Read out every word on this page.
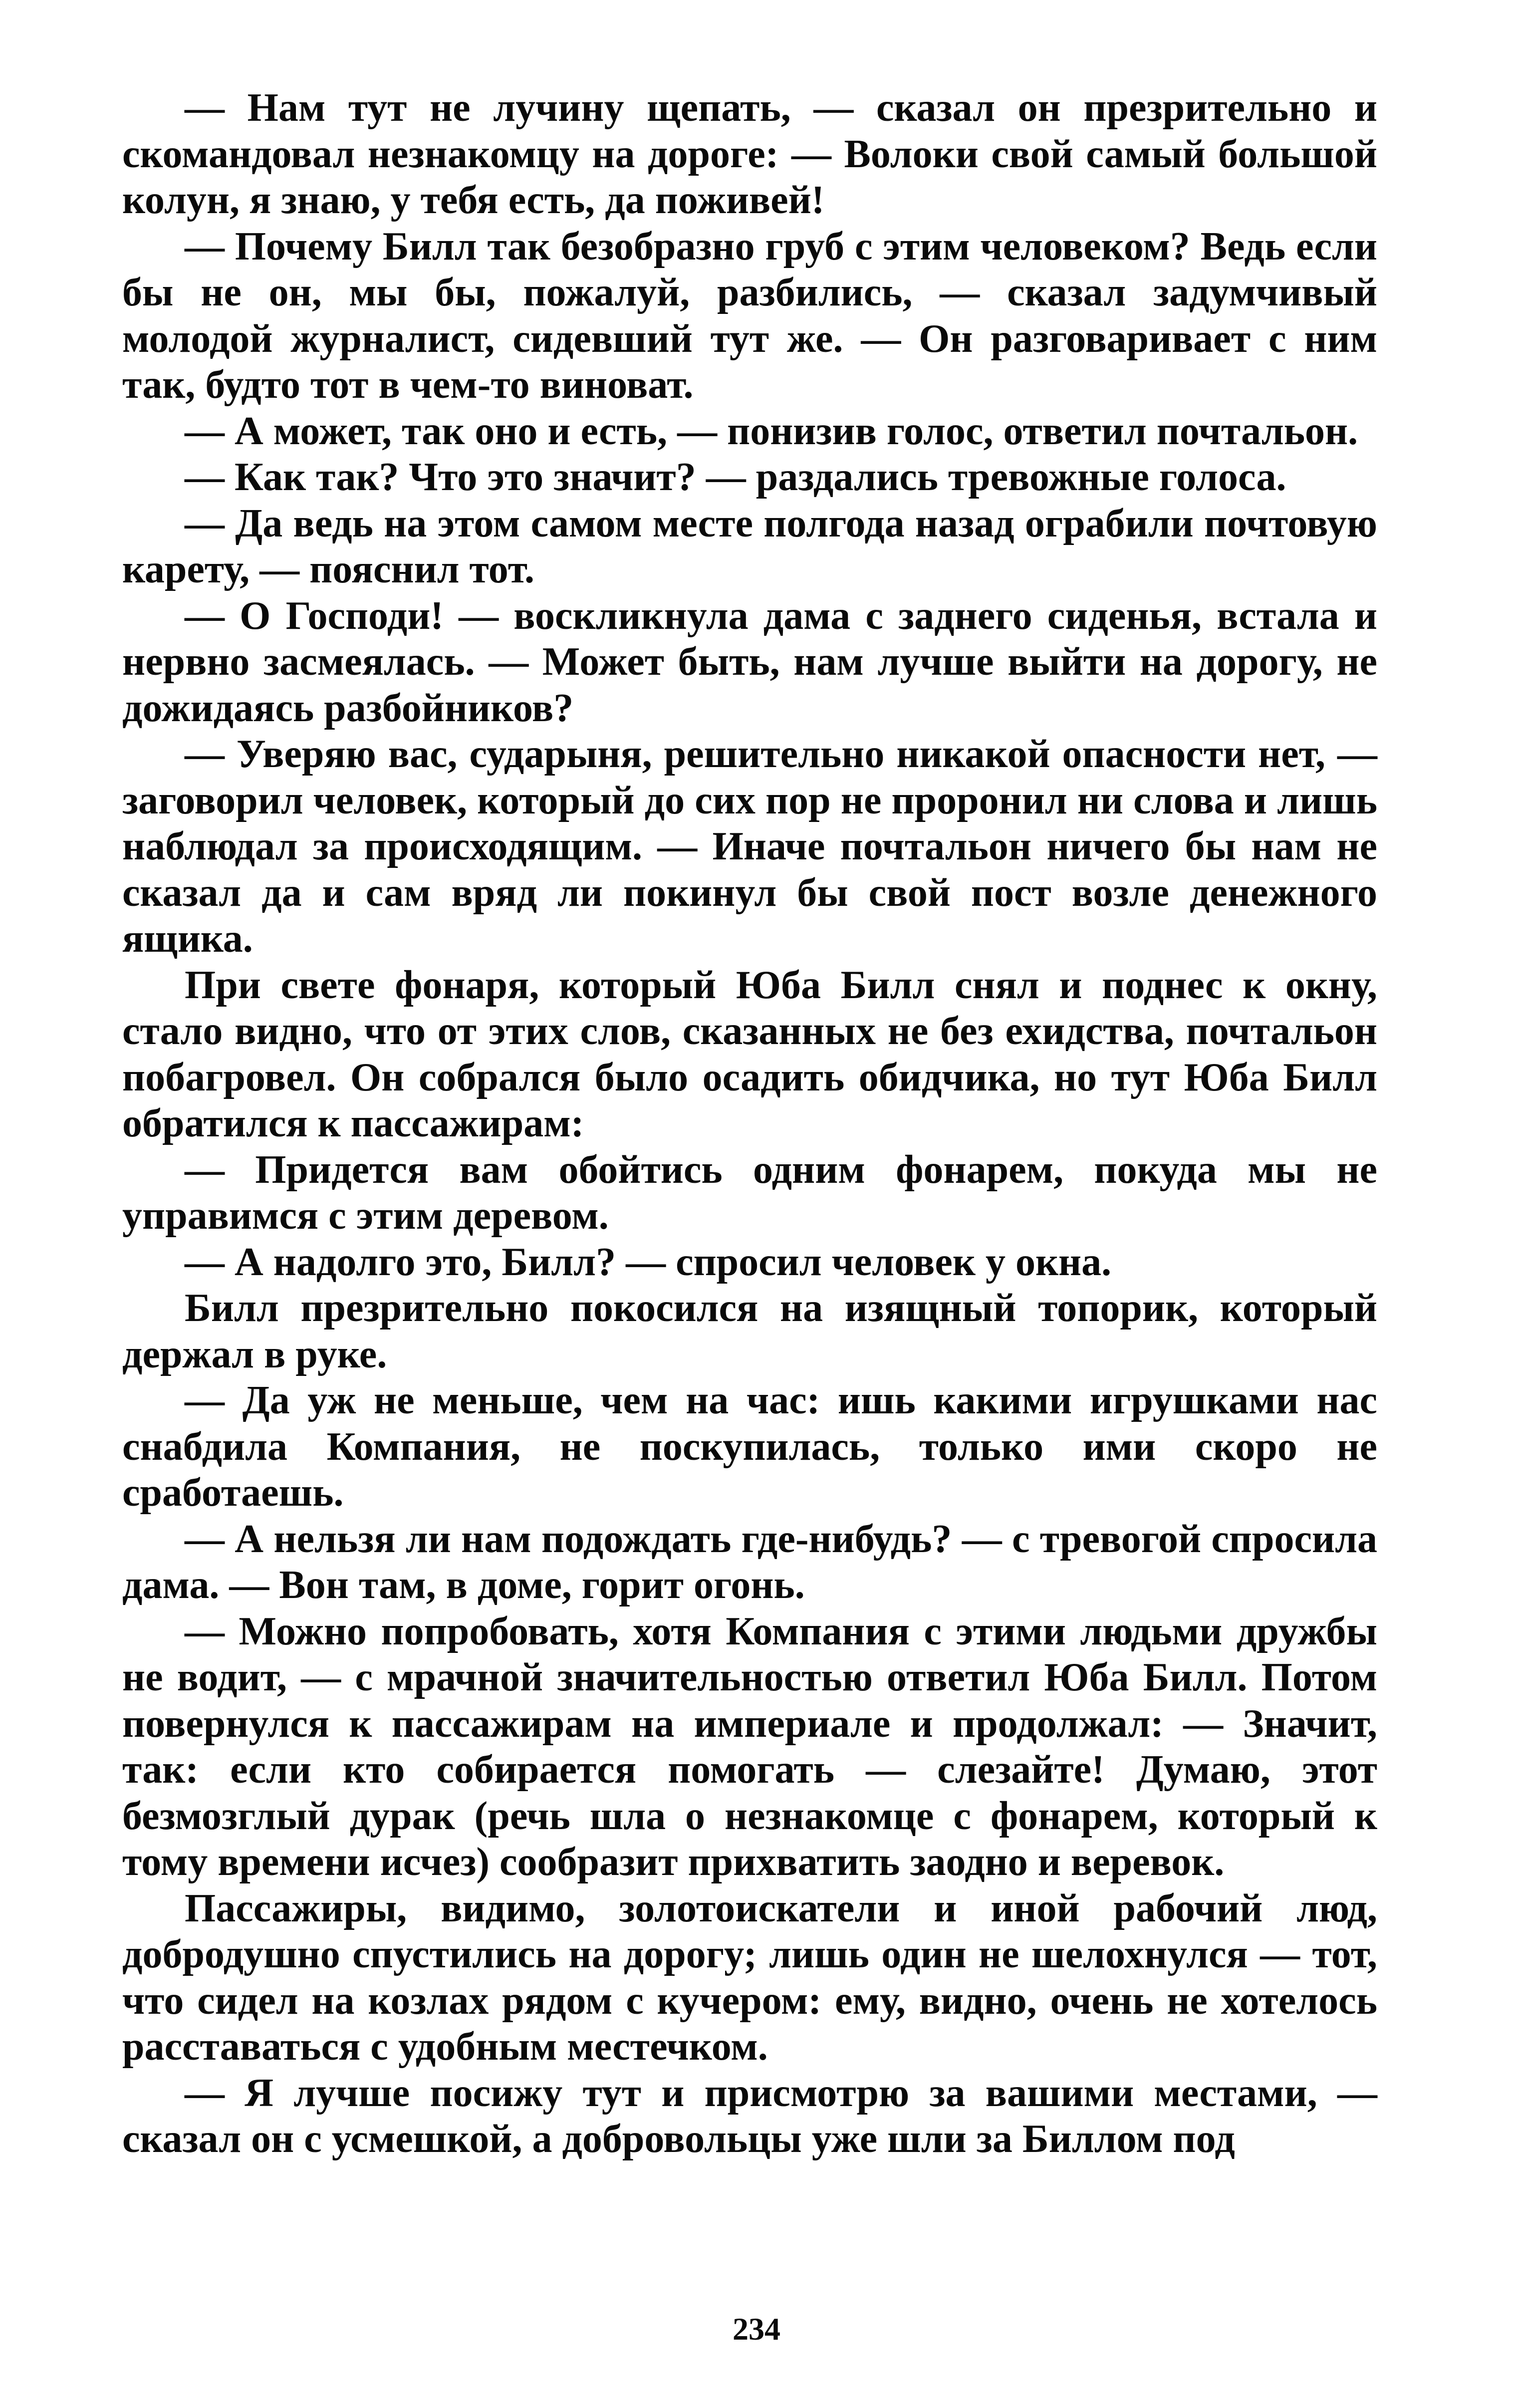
— Нам тут не лучину щепать, — сказал он презрительно и скомандовал незнакомцу на дороге: — Волоки свой самый большой колун, я знаю, у тебя есть, да поживей!

— Почему Билл так безобразно груб с этим человеком? Ведь если бы не он, мы бы, пожалуй, разбились, — сказал задумчивый молодой журналист, сидевший тут же. — Он разговаривает с ним так, будто тот в чем-то виноват.

— А может, так оно и есть, — понизив голос, ответил почтальон.

— Как так? Что это значит? — раздались тревожные голоса.

— Да ведь на этом самом месте полгода назад ограбили почтовую карету, — пояснил тот.

— О Господи! — воскликнула дама с заднего сиденья, встала и нервно засмеялась. — Может быть, нам лучше выйти на дорогу, не дожидаясь разбойников?

— Уверяю вас, сударыня, решительно никакой опасности нет, — заговорил человек, который до сих пор не проронил ни слова и лишь наблюдал за происходящим. — Иначе почтальон ничего бы нам не сказал да и сам вряд ли покинул бы свой пост возле денежного ящика.

При свете фонаря, который Юба Билл снял и поднес к окну, стало видно, что от этих слов, сказанных не без ехидства, почтальон побагровел. Он собрался было осадить обидчика, но тут Юба Билл обратился к пассажирам:

— Придется вам обойтись одним фонарем, покуда мы не управимся с этим деревом.

— А надолго это, Билл? — спросил человек у окна.

Билл презрительно покосился на изящный топорик, который держал в руке.

— Да уж не меньше, чем на час: ишь какими игрушками нас снабдила Компания, не поскупилась, только ими скоро не сработаешь.

— А нельзя ли нам подождать где-нибудь? — с тревогой спросила дама. — Вон там, в доме, горит огонь.

— Можно попробовать, хотя Компания с этими людьми дружбы не водит, — с мрачной значительностью ответил Юба Билл. Потом повернулся к пассажирам на империале и продолжал: — Значит, так: если кто собирается помогать — слезайте! Думаю, этот безмозглый дурак (речь шла о незнакомце с фонарем, который к тому времени исчез) сообразит прихватить заодно и веревок.

Пассажиры, видимо, золотоискатели и иной рабочий люд, добродушно спустились на дорогу; лишь один не шелохнулся — тот, что сидел на козлах рядом с кучером: ему, видно, очень не хотелось расставаться с удобным местечком.

— Я лучше посижу тут и присмотрю за вашими местами, — сказал он с усмешкой, а добровольцы уже шли за Биллом под

234
